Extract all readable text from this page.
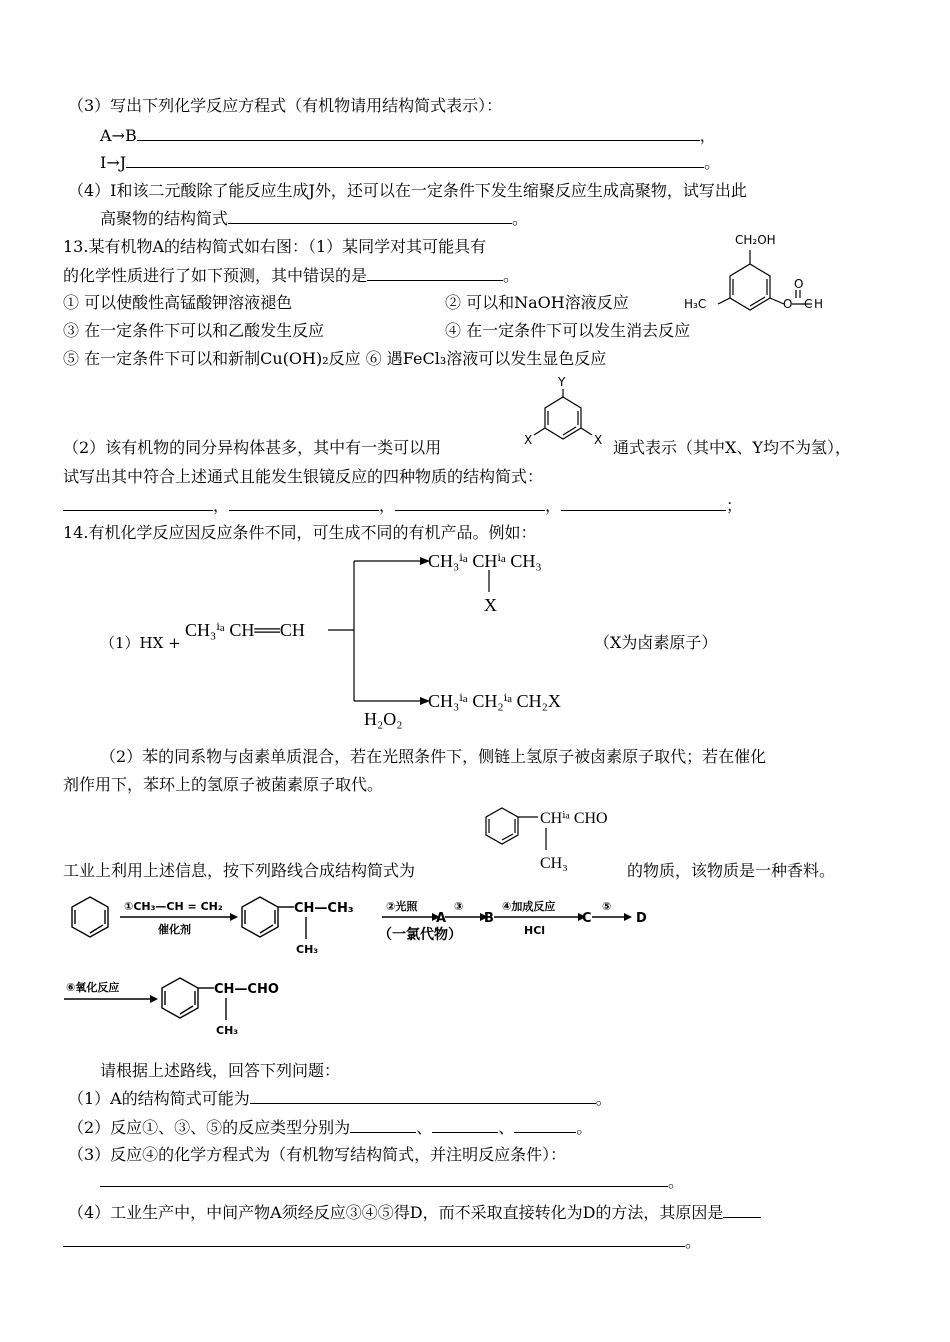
（3）写出下列化学反应方程式（有机物请用结构简式表示）：
A→B	，
I→J	。
（4）I和该二元酸除了能反应生成J外，还可以在一定条件下发生缩聚反应生成高聚物，试写出此
高聚物的结构简式	。
13.某有机物A的结构简式如右图：（1）某同学对其可能具有
的化学性质进行了如下预测，其中错误的是	。
① 可以使酸性高锰酸钾溶液褪色	② 可以和NaOH溶液反应
③ 在一定条件下可以和乙酸发生反应	④ 在一定条件下可以发生消去反应
⑤ 在一定条件下可以和新制Cu(OH)₂反应 ⑥ 遇FeCl₃溶液可以发生显色反应
CH₂OH
H₃C	O C H
O
Y
X	X
（2）该有机物的同分异构体甚多，其中有一类可以用	通式表示（其中X、Y均不为氢），
试写出其中符合上述通式且能发生银镜反应的四种物质的结构简式：
，	，	，	；
14.有机化学反应因反应条件不同，可生成不同的有机产品。例如：
CH₃ⁱᵃ CHⁱᵃ CH₃
X
CH₃ⁱᵃ CH₂ⁱᵃ CH₂X
H₂O₂
（1）HX +
CH₃ⁱᵃ CH══CH
（X为卤素原子）
（2）苯的同系物与卤素单质混合，若在光照条件下，侧链上氢原子被卤素原子取代；若在催化
剂作用下，苯环上的氢原子被菌素原子取代。
CHⁱᵃ CHO
CH₃
工业上利用上述信息，按下列路线合成结构简式为	的物质，该物质是一种香料。
①CH₃—CH = CH₂
催化剂
CH—CH₃
CH₃
②光照
A
③
B
④加成反应
HCl
C
⑤
D
（一氯代物）
⑥氧化反应	CH—CHO
CH₃
请根据上述路线，回答下列问题：
（1）A的结构简式可能为	。
（2）反应①、③、⑤的反应类型分别为	、	、	。
（3）反应④的化学方程式为（有机物写结构简式，并注明反应条件）：
。
（4）工业生产中，中间产物A须经反应③④⑤得D，而不采取直接转化为D的方法，其原因是
。
